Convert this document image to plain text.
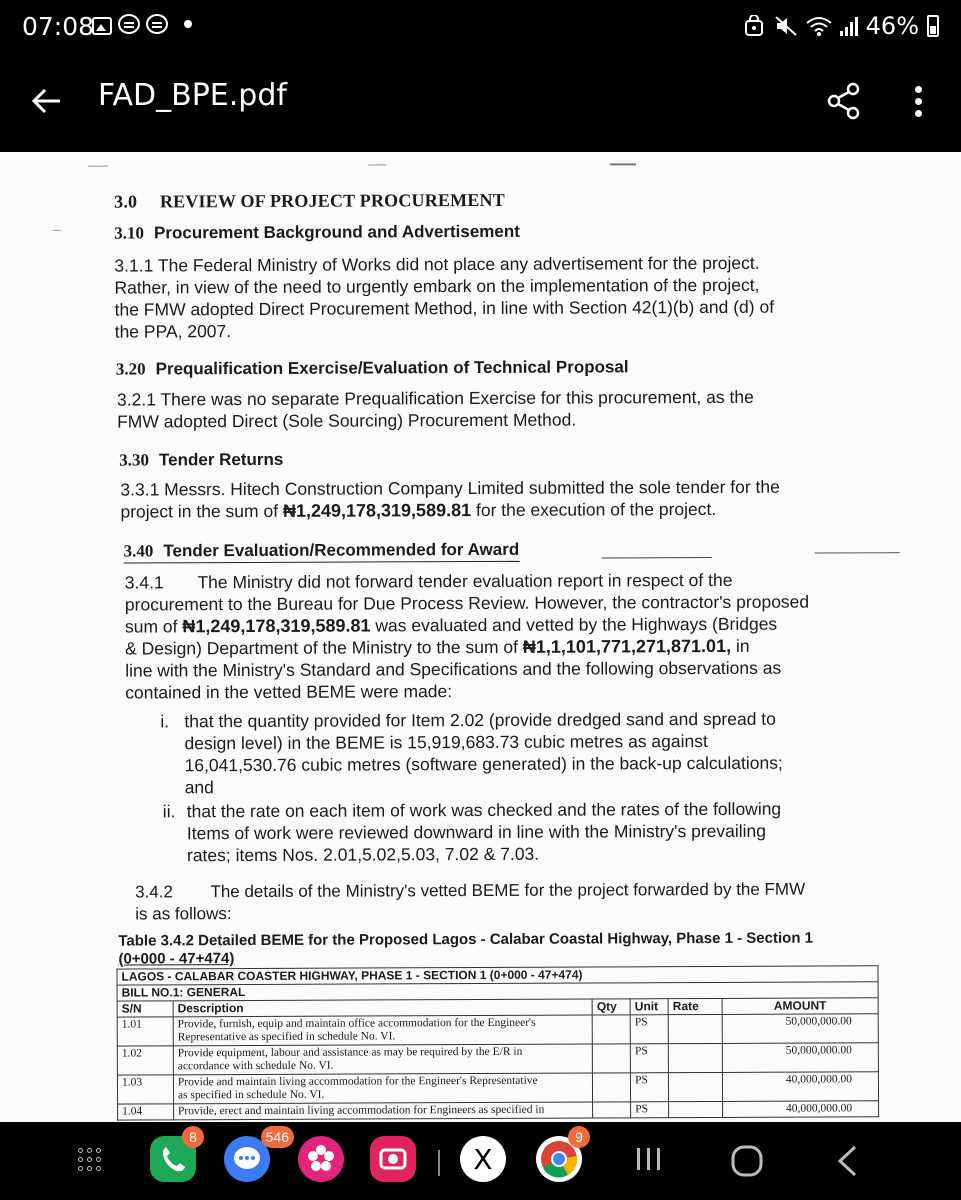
07:08	46%
FAD_BPE.pdf
3.0 REVIEW OF PROJECT PROCUREMENT
3.10 Procurement Background and Advertisement
3.1.1 The Federal Ministry of Works did not place any advertisement for the project.
Rather, in view of the need to urgently embark on the implementation of the project,
the FMW adopted Direct Procurement Method, in line with Section 42(1)(b) and (d) of
the PPA, 2007.
3.20 Prequalification Exercise/Evaluation of Technical Proposal
3.2.1 There was no separate Prequalification Exercise for this procurement, as the
FMW adopted Direct (Sole Sourcing) Procurement Method.
3.30 Tender Returns
3.3.1 Messrs. Hitech Construction Company Limited submitted the sole tender for the
project in the sum of ₦1,249,178,319,589.81 for the execution of the project.
3.40 Tender Evaluation/Recommended for Award
3.4.1       The Ministry did not forward tender evaluation report in respect of the
procurement to the Bureau for Due Process Review. However, the contractor's proposed
sum of ₦1,249,178,319,589.81 was evaluated and vetted by the Highways (Bridges
& Design) Department of the Ministry to the sum of ₦1,1,101,771,271,871.01, in
line with the Ministry's Standard and Specifications and the following observations as
contained in the vetted BEME were made:
i. that the quantity provided for Item 2.02 (provide dredged sand and spread to
design level) in the BEME is 15,919,683.73 cubic metres as against
16,041,530.76 cubic metres (software generated) in the back-up calculations;
and
ii. that the rate on each item of work was checked and the rates of the following
Items of work were reviewed downward in line with the Ministry's prevailing
rates; items Nos. 2.01,5.02,5.03, 7.02 & 7.03.
3.4.2        The details of the Ministry's vetted BEME for the project forwarded by the FMW
is as follows:
Table 3.4.2 Detailed BEME for the Proposed Lagos - Calabar Coastal Highway, Phase 1 - Section 1
(0+000 - 47+474)
LAGOS - CALABAR COASTER HIGHWAY, PHASE 1 - SECTION 1 (0+000 - 47+474)					
BILL NO.1: GENERAL					
S/N	Description	Qty	Unit	Rate	AMOUNT
1.01	Provide, furnish, equip and maintain office accommodation for the Engineer's
Representative as specified in schedule No. VI.		PS		50,000,000.00
1.02	Provide equipment, labour and assistance as may be required by the E/R in
accordance with schedule No. VI.		PS		50,000,000.00
1.03	Provide and maintain living accommodation for the Engineer's Representative
as specified in schedule No. VI.		PS		40,000,000.00
1.04	Provide, erect and maintain living accommodation for Engineers as specified in		PS		40,000,000.00
8	546
X
9
